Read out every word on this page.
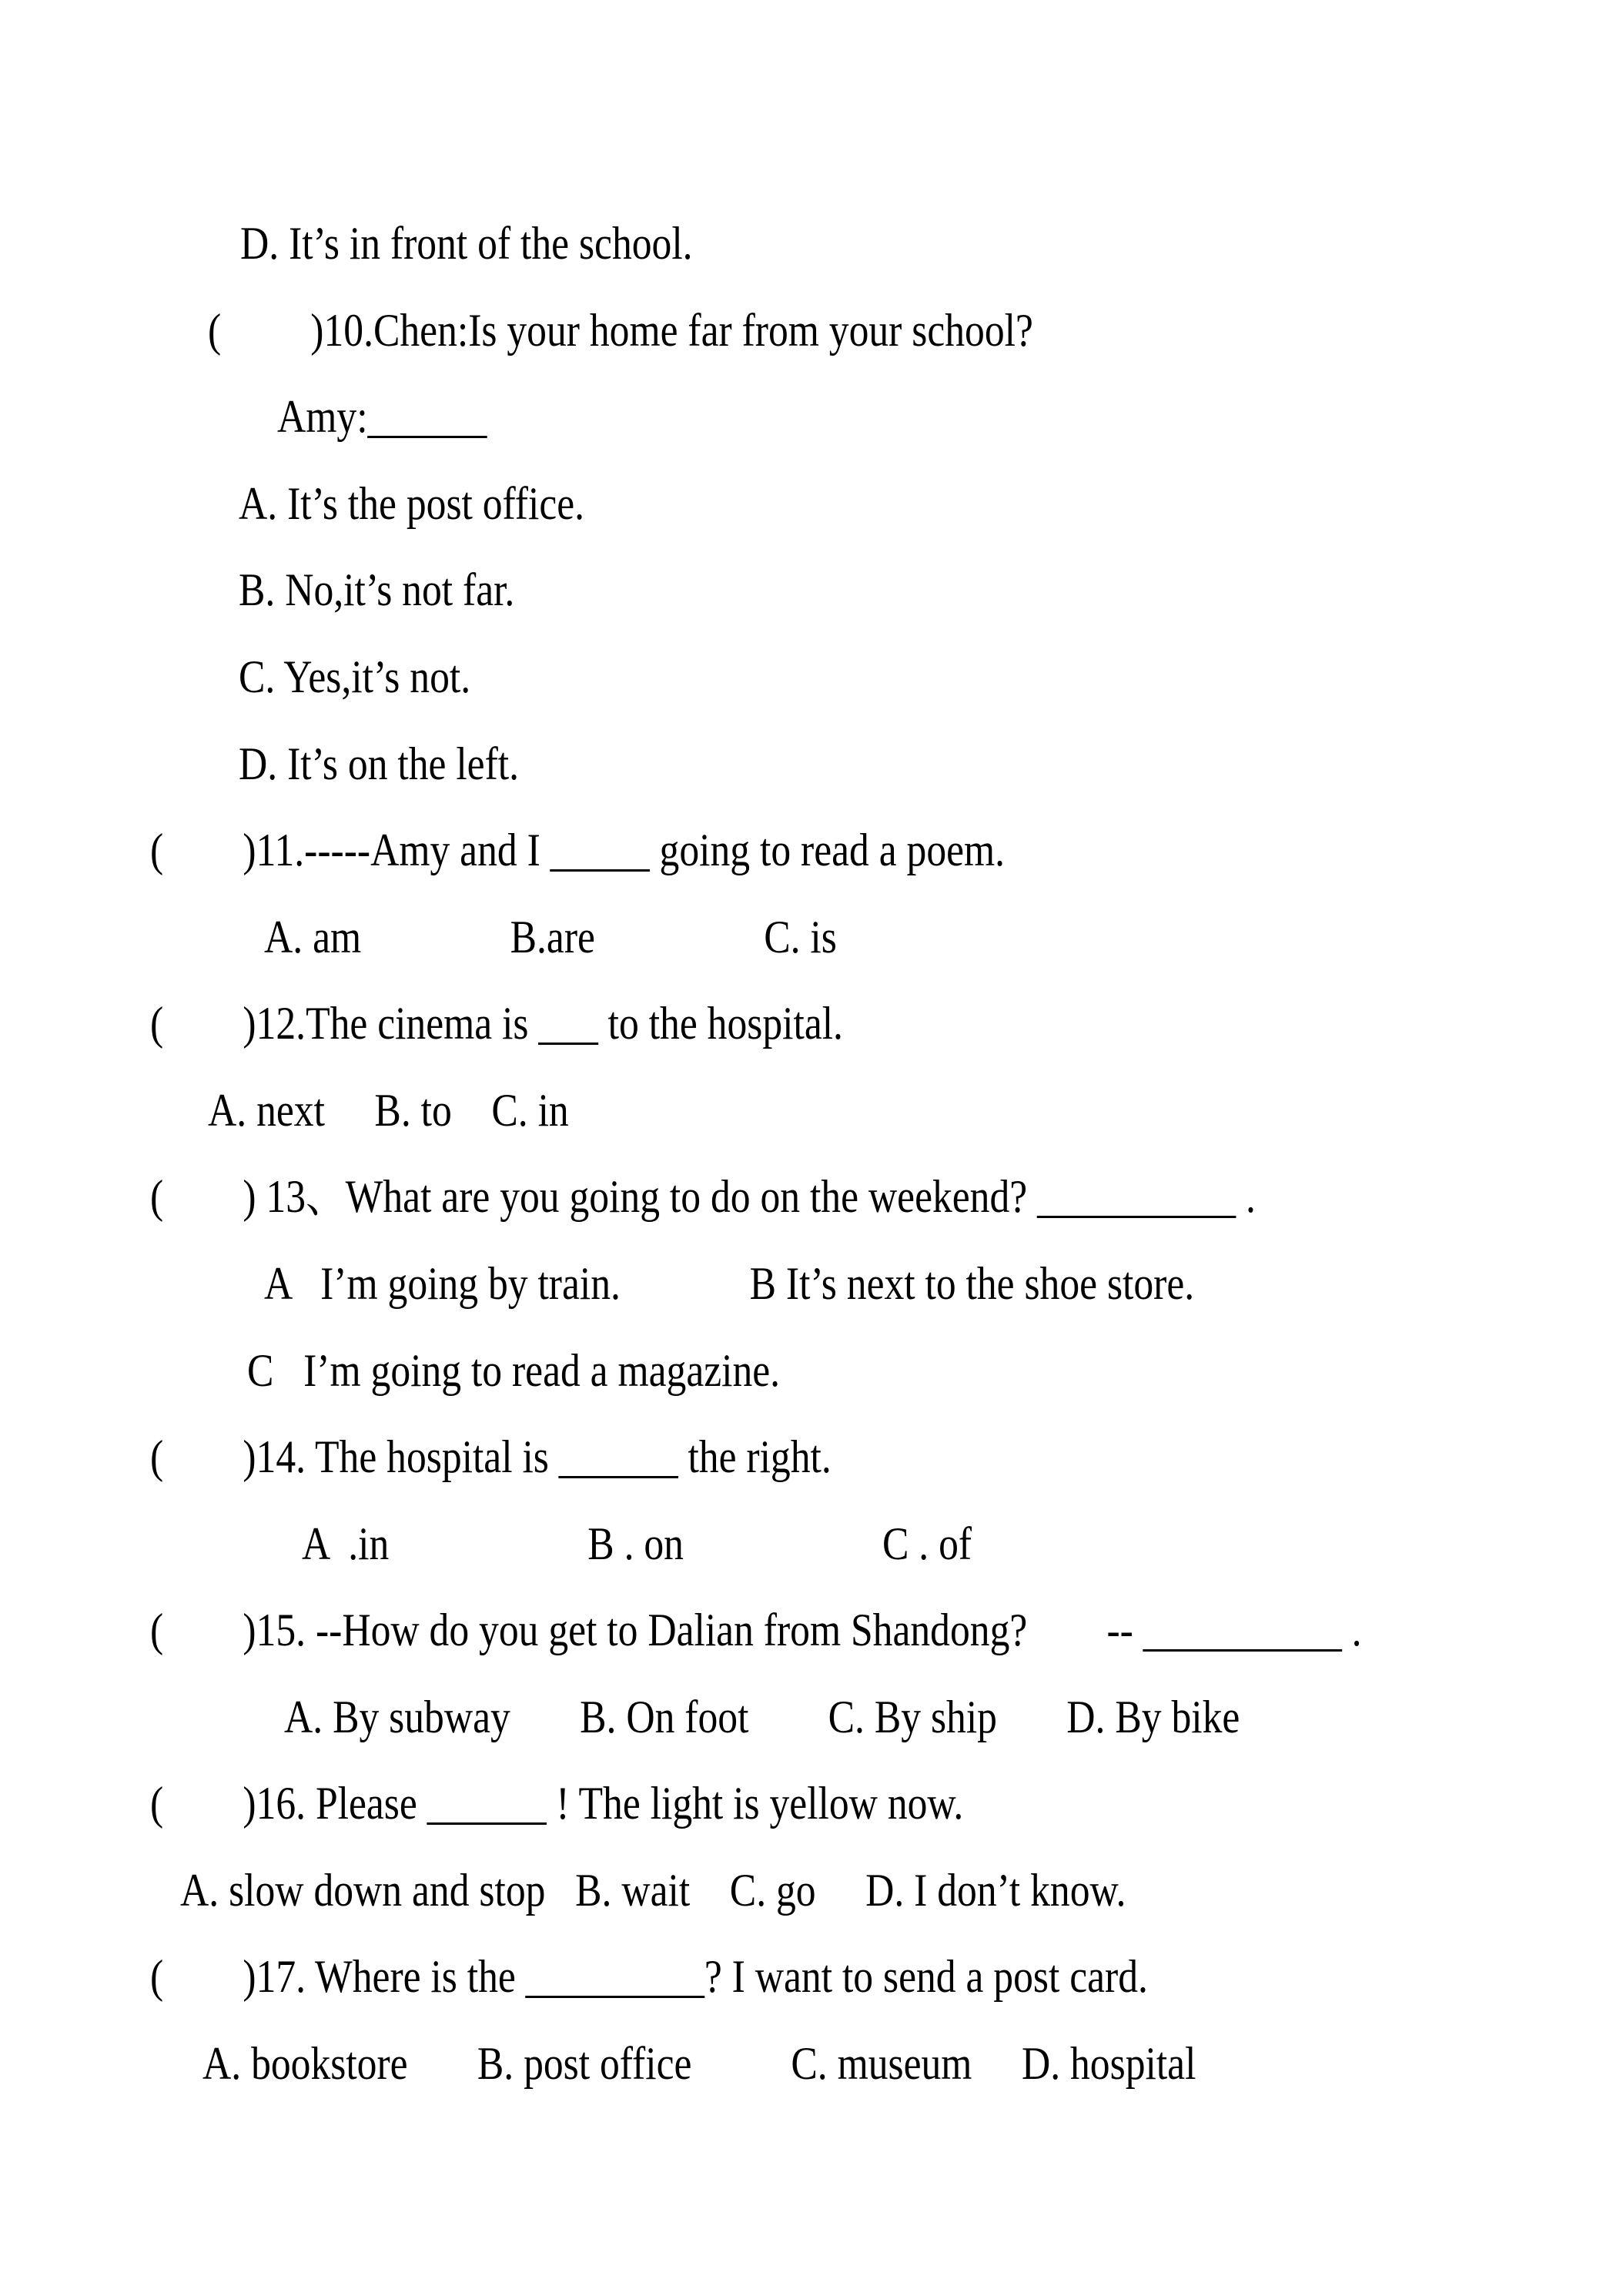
D. It’s in front of the school.
(         )10.Chen:Is your home far from your school?
Amy:______
A. It’s the post office.
B. No,it’s not far.
C. Yes,it’s not.
D. It’s on the left.
(        )11.-----Amy and I _____ going to read a poem.
A. am               B.are                 C. is
(        )12.The cinema is ___ to the hospital.
A. next     B. to    C. in
(        ) 13、What are you going to do on the weekend? __________ .
A   I’m going by train.             B It’s next to the shoe store.
C   I’m going to read a magazine.
(        )14. The hospital is ______ the right.
A  .in                    B . on                    C . of
(        )15. --How do you get to Dalian from Shandong?        -- __________ .
A. By subway       B. On foot        C. By ship       D. By bike
(        )16. Please ______ ! The light is yellow now.
A. slow down and stop   B. wait    C. go     D. I don’t know.
(        )17. Where is the _________? I want to send a post card.
A. bookstore       B. post office          C. museum     D. hospital
